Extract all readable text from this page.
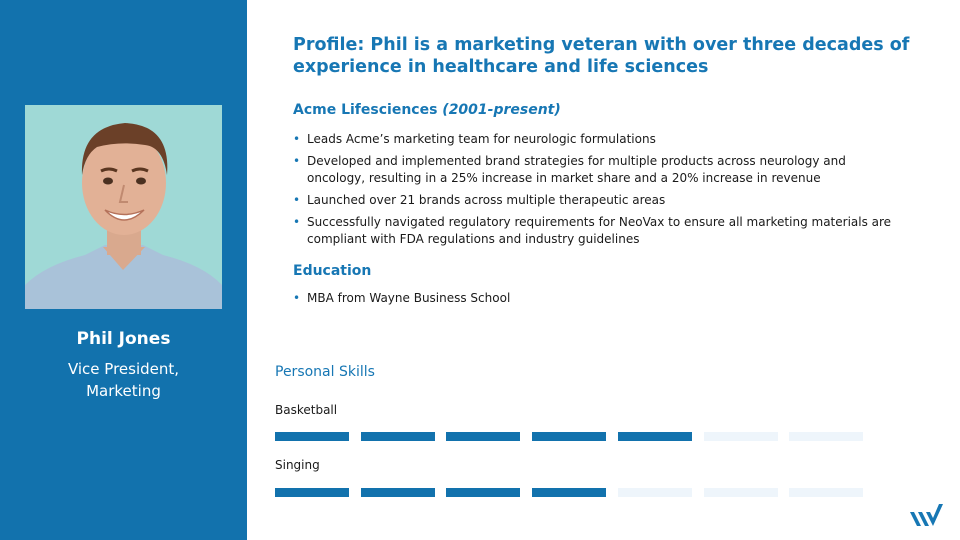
Phil Jones
Vice President, Marketing
Profile: Phil is a marketing veteran with over three decades of experience in healthcare and life sciences
Acme Lifesciences (2001-present)
• Leads Acme’s marketing team for neurologic formulations
• Developed and implemented brand strategies for multiple products across neurology and oncology, resulting in a 25% increase in market share and a 20% increase in revenue
• Launched over 21 brands across multiple therapeutic areas
• Successfully navigated regulatory requirements for NeoVax to ensure all marketing materials are compliant with FDA regulations and industry guidelines
Education
• MBA from Wayne Business School
Personal Skills
Basketball
Singing
